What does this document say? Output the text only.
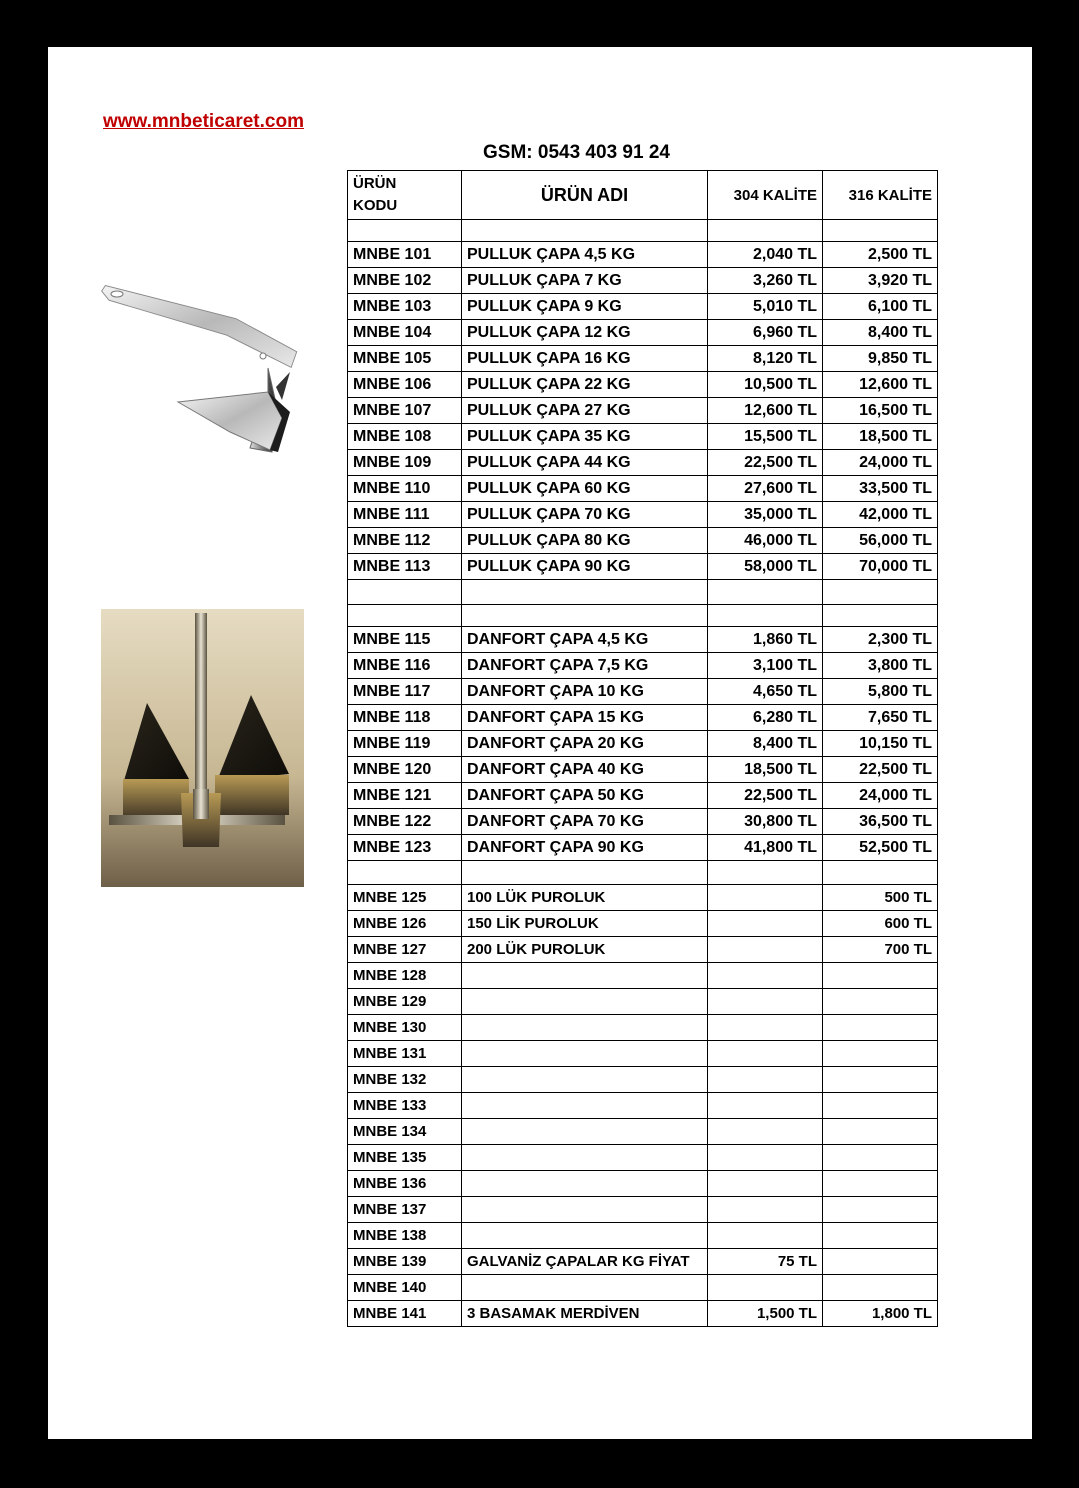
www.mnbeticaret.com

GSM: 0543 403 91 24

ÜRÜN
KODU	ÜRÜN ADI	304 KALİTE	316 KALİTE

MNBE 101	PULLUK ÇAPA 4,5 KG	2,040 TL	2,500 TL
MNBE 102	PULLUK ÇAPA 7 KG	3,260 TL	3,920 TL
MNBE 103	PULLUK ÇAPA 9 KG	5,010 TL	6,100 TL
MNBE 104	PULLUK ÇAPA 12 KG	6,960 TL	8,400 TL
MNBE 105	PULLUK ÇAPA 16 KG	8,120 TL	9,850 TL
MNBE 106	PULLUK ÇAPA 22 KG	10,500 TL	12,600 TL
MNBE 107	PULLUK ÇAPA 27 KG	12,600 TL	16,500 TL
MNBE 108	PULLUK ÇAPA 35 KG	15,500 TL	18,500 TL
MNBE 109	PULLUK ÇAPA 44 KG	22,500 TL	24,000 TL
MNBE 110	PULLUK ÇAPA 60 KG	27,600 TL	33,500 TL
MNBE 111	PULLUK ÇAPA 70 KG	35,000 TL	42,000 TL
MNBE 112	PULLUK ÇAPA 80 KG	46,000 TL	56,000 TL
MNBE 113	PULLUK ÇAPA 90 KG	58,000 TL	70,000 TL

MNBE 115	DANFORT ÇAPA 4,5 KG	1,860 TL	2,300 TL
MNBE 116	DANFORT ÇAPA 7,5 KG	3,100 TL	3,800 TL
MNBE 117	DANFORT ÇAPA 10 KG	4,650 TL	5,800 TL
MNBE 118	DANFORT ÇAPA 15 KG	6,280 TL	7,650 TL
MNBE 119	DANFORT ÇAPA 20 KG	8,400 TL	10,150 TL
MNBE 120	DANFORT ÇAPA 40 KG	18,500 TL	22,500 TL
MNBE 121	DANFORT ÇAPA 50 KG	22,500 TL	24,000 TL
MNBE 122	DANFORT ÇAPA 70 KG	30,800 TL	36,500 TL
MNBE 123	DANFORT ÇAPA 90 KG	41,800 TL	52,500 TL

MNBE 125	100 LÜK PUROLUK		500 TL
MNBE 126	150 LİK PUROLUK		600 TL
MNBE 127	200 LÜK PUROLUK		700 TL
MNBE 128			
MNBE 129			
MNBE 130			
MNBE 131			
MNBE 132			
MNBE 133			
MNBE 134			
MNBE 135			
MNBE 136			
MNBE 137			
MNBE 138			
MNBE 139	GALVANİZ ÇAPALAR KG FİYAT	75 TL	
MNBE 140			
MNBE 141	3 BASAMAK MERDİVEN	1,500 TL	1,800 TL
